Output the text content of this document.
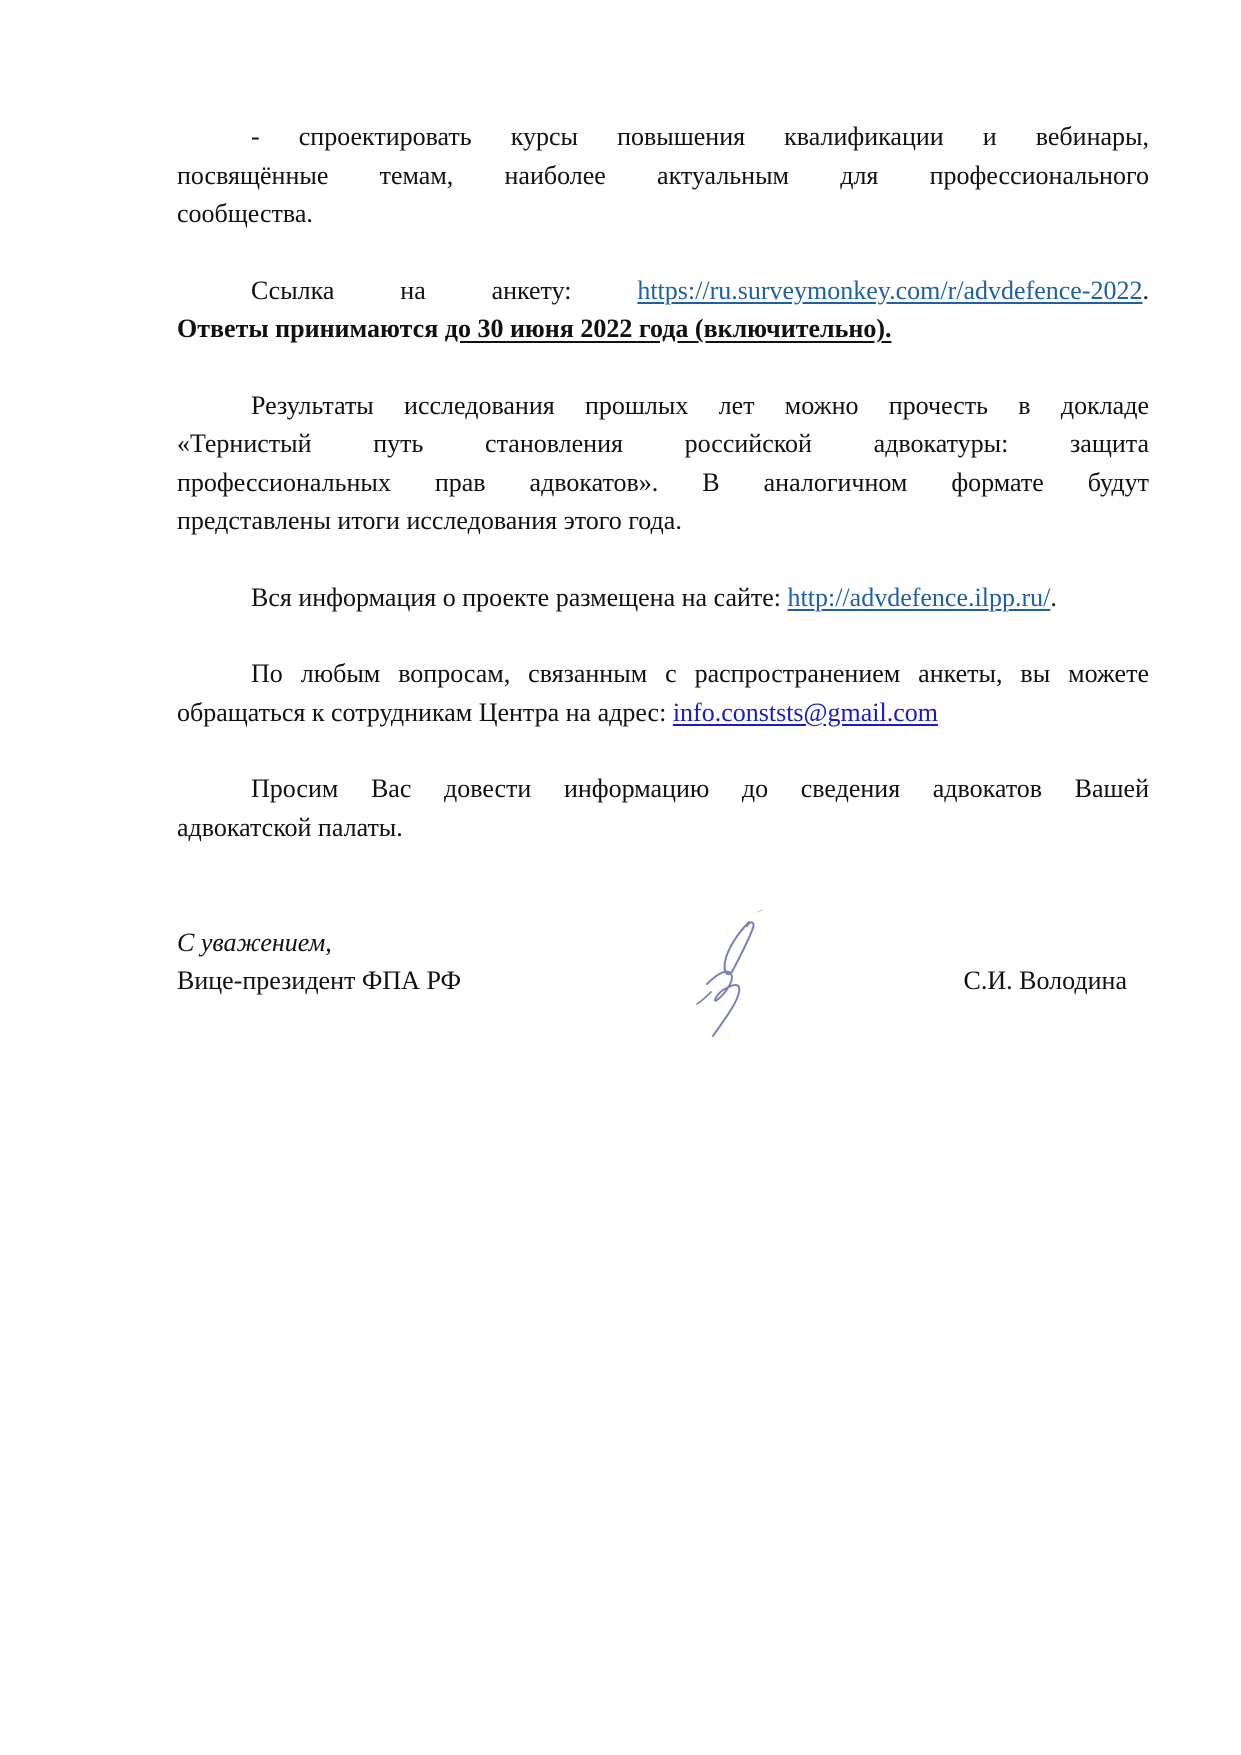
- спроектировать курсы повышения квалификации и вебинары,
посвящённые темам, наиболее актуальным для профессионального
сообщества.
Ссылка на анкету:	https://ru.surveymonkey.com/r/advdefence-2022.
Ответы принимаются до 30 июня 2022 года (включительно).
Результаты исследования прошлых лет можно прочесть в докладе
«Тернистый путь становления российской адвокатуры: защита
профессиональных прав адвокатов». В аналогичном формате будут
представлены итоги исследования этого года.
Вся информация о проекте размещена на сайте: http://advdefence.ilpp.ru/.
По любым вопросам, связанным с распространением анкеты, вы можете
обращаться к сотрудникам Центра на адрес: info.conststs@gmail.com
Просим Вас довести информацию до сведения адвокатов Вашей
адвокатской палаты.
С уважением,
Вице-президент ФПА РФ	С.И. Володина
